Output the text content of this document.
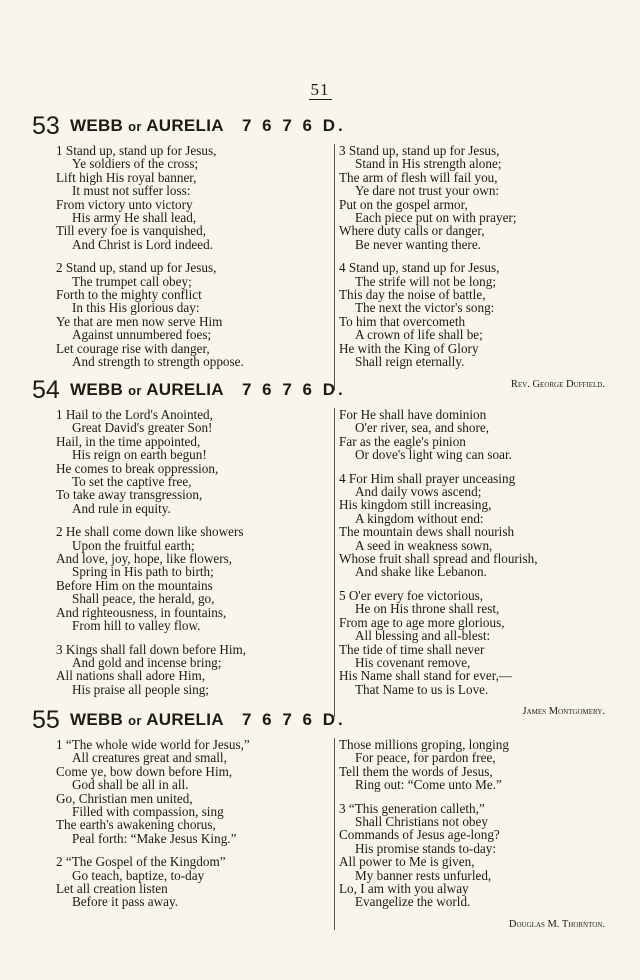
51
53 WEBB or AURELIA 7 6 7 6 D.
1 Stand up, stand up for Jesus,
Ye soldiers of the cross;
Lift high His royal banner,
It must not suffer loss:
From victory unto victory
His army He shall lead,
Till every foe is vanquished,
And Christ is Lord indeed.
2 Stand up, stand up for Jesus,
The trumpet call obey;
Forth to the mighty conflict
In this His glorious day:
Ye that are men now serve Him
Against unnumbered foes;
Let courage rise with danger,
And strength to strength oppose.
3 Stand up, stand up for Jesus,
Stand in His strength alone;
The arm of flesh will fail you,
Ye dare not trust your own:
Put on the gospel armor,
Each piece put on with prayer;
Where duty calls or danger,
Be never wanting there.
4 Stand up, stand up for Jesus,
The strife will not be long;
This day the noise of battle,
The next the victor's song:
To him that overcometh
A crown of life shall be;
He with the King of Glory
Shall reign eternally.
Rev. George Duffield.
54 WEBB or AURELIA 7 6 7 6 D.
1 Hail to the Lord's Anointed,
Great David's greater Son!
Hail, in the time appointed,
His reign on earth begun!
He comes to break oppression,
To set the captive free,
To take away transgression,
And rule in equity.
2 He shall come down like showers
Upon the fruitful earth;
And love, joy, hope, like flowers,
Spring in His path to birth;
Before Him on the mountains
Shall peace, the herald, go,
And righteousness, in fountains,
From hill to valley flow.
3 Kings shall fall down before Him,
And gold and incense bring;
All nations shall adore Him,
His praise all people sing;
For He shall have dominion
O'er river, sea, and shore,
Far as the eagle's pinion
Or dove's light wing can soar.
4 For Him shall prayer unceasing
And daily vows ascend;
His kingdom still increasing,
A kingdom without end:
The mountain dews shall nourish
A seed in weakness sown,
Whose fruit shall spread and flourish,
And shake like Lebanon.
5 O'er every foe victorious,
He on His throne shall rest,
From age to age more glorious,
All blessing and all-blest:
The tide of time shall never
His covenant remove,
His Name shall stand for ever,—
That Name to us is Love.
James Montgomery.
55 WEBB or AURELIA 7 6 7 6 D.
1 “The whole wide world for Jesus,”
All creatures great and small,
Come ye, bow down before Him,
God shall be all in all.
Go, Christian men united,
Filled with compassion, sing
The earth's awakening chorus,
Peal forth: “Make Jesus King.”
2 “The Gospel of the Kingdom”
Go teach, baptize, to-day
Let all creation listen
Before it pass away.
Those millions groping, longing
For peace, for pardon free,
Tell them the words of Jesus,
Ring out: “Come unto Me.”
3 “This generation calleth,”
Shall Christians not obey
Commands of Jesus age-long?
His promise stands to-day:
All power to Me is given,
My banner rests unfurled,
Lo, I am with you alway
Evangelize the world.
Douglas M. Thornton.
